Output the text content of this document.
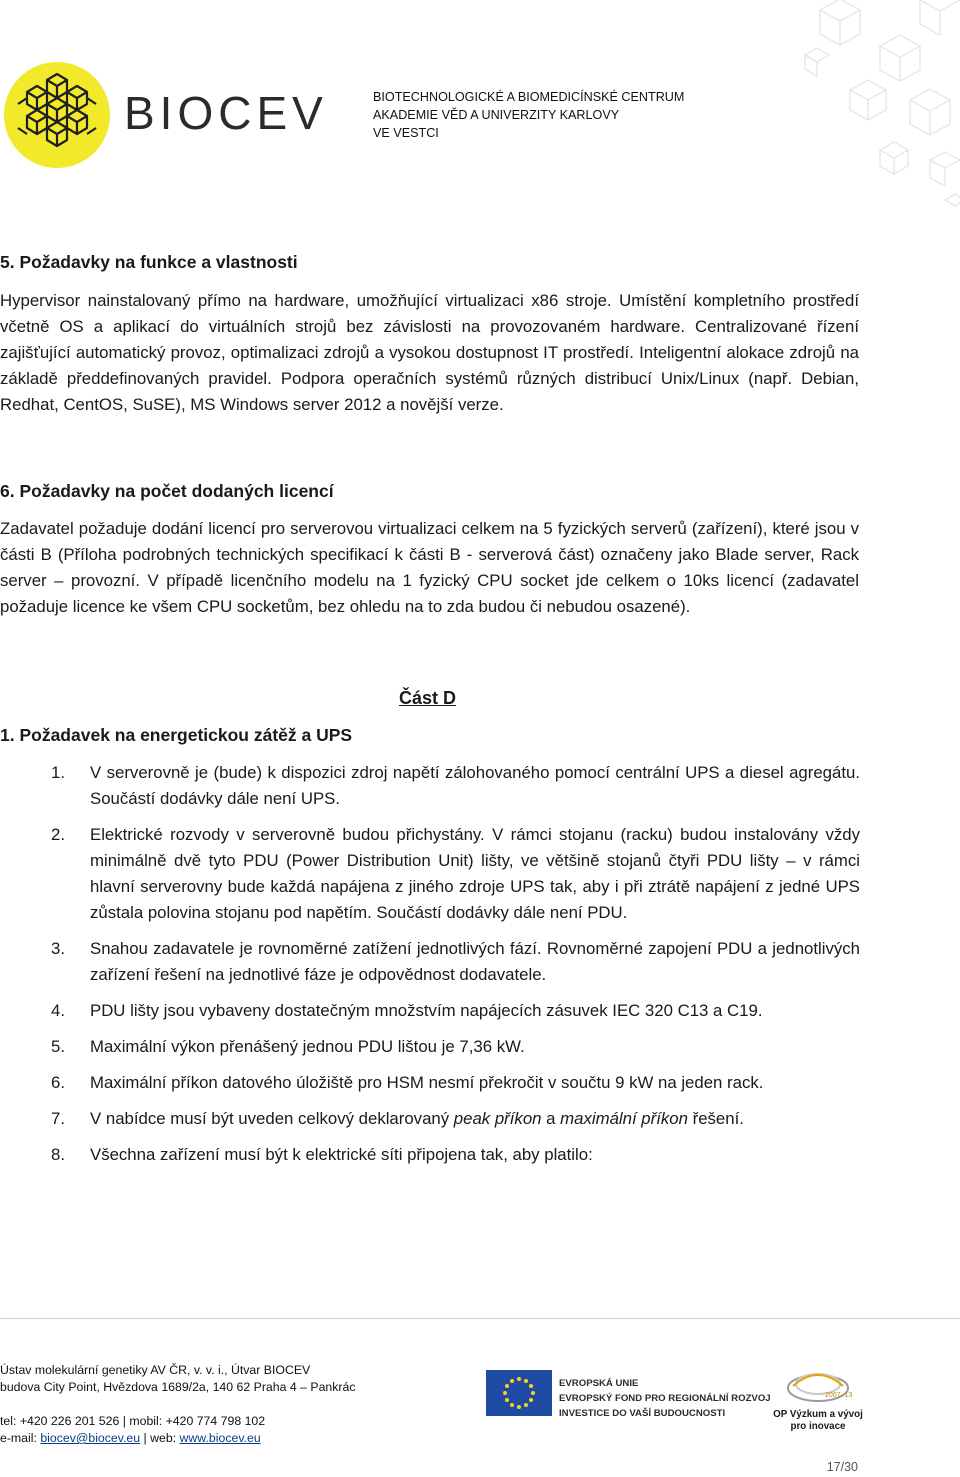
BIOCEV	BIOTECHNOLOGICKÉ A BIOMEDICÍNSKÉ CENTRUM
AKADEMIE VĚD A UNIVERZITY KARLOVY
VE VESTCI
5. Požadavky na funkce a vlastnosti

Hypervisor nainstalovaný přímo na hardware, umožňující virtualizaci x86 stroje. Umístění kompletního prostředí včetně OS a aplikací do virtuálních strojů bez závislosti na provozovaném hardware. Centralizované řízení zajišťující automatický provoz, optimalizaci zdrojů a vysokou dostupnost IT prostředí. Inteligentní alokace zdrojů na základě předdefinovaných pravidel. Podpora operačních systémů různých distribucí Unix/Linux (např. Debian, Redhat, CentOS, SuSE), MS Windows server 2012 a novější verze.

6. Požadavky na počet dodaných licencí

Zadavatel požaduje dodání licencí pro serverovou virtualizaci celkem na 5 fyzických serverů (zařízení), které jsou v části B (Příloha podrobných technických specifikací k části B - serverová část) označeny jako Blade server, Rack server – provozní. V případě licenčního modelu na 1 fyzický CPU socket jde celkem o 10ks licencí (zadavatel požaduje licence ke všem CPU socketům, bez ohledu na to zda budou či nebudou osazené).

Část D
1. Požadavek na energetickou zátěž a UPS
1. V serverovně je (bude) k dispozici zdroj napětí zálohovaného pomocí centrální UPS a diesel agregátu. Součástí dodávky dále není UPS.
2. Elektrické rozvody v serverovně budou přichystány. V rámci stojanu (racku) budou instalovány vždy minimálně dvě tyto PDU (Power Distribution Unit) lišty, ve většině stojanů čtyři PDU lišty – v rámci hlavní serverovny bude každá napájena z jiného zdroje UPS tak, aby i při ztrátě napájení z jedné UPS zůstala polovina stojanu pod napětím. Součástí dodávky dále není PDU.
3. Snahou zadavatele je rovnoměrné zatížení jednotlivých fází. Rovnoměrné zapojení PDU a jednotlivých zařízení řešení na jednotlivé fáze je odpovědnost dodavatele.
4. PDU lišty jsou vybaveny dostatečným množstvím napájecích zásuvek IEC 320 C13 a C19.
5. Maximální výkon přenášený jednou PDU lištou je 7,36 kW.
6. Maximální příkon datového úložiště pro HSM nesmí překročit v součtu 9 kW na jeden rack.
7. V nabídce musí být uveden celkový deklarovaný peak příkon a maximální příkon řešení.
8. Všechna zařízení musí být k elektrické síti připojena tak, aby platilo:
Ústav molekulární genetiky AV ČR, v. v. i., Útvar BIOCEV
budova City Point, Hvězdova 1689/2a, 140 62 Praha 4 – Pankrác
tel: +420 226 201 526 | mobil: +420 774 798 102
e-mail: biocev@biocev.eu | web: www.biocev.eu
EVROPSKÁ UNIE
EVROPSKÝ FOND PRO REGIONÁLNÍ ROZVOJ
INVESTICE DO VAŠÍ BUDOUCNOSTI
2007–13
OP Výzkum a vývoj
pro inovace
17/30
